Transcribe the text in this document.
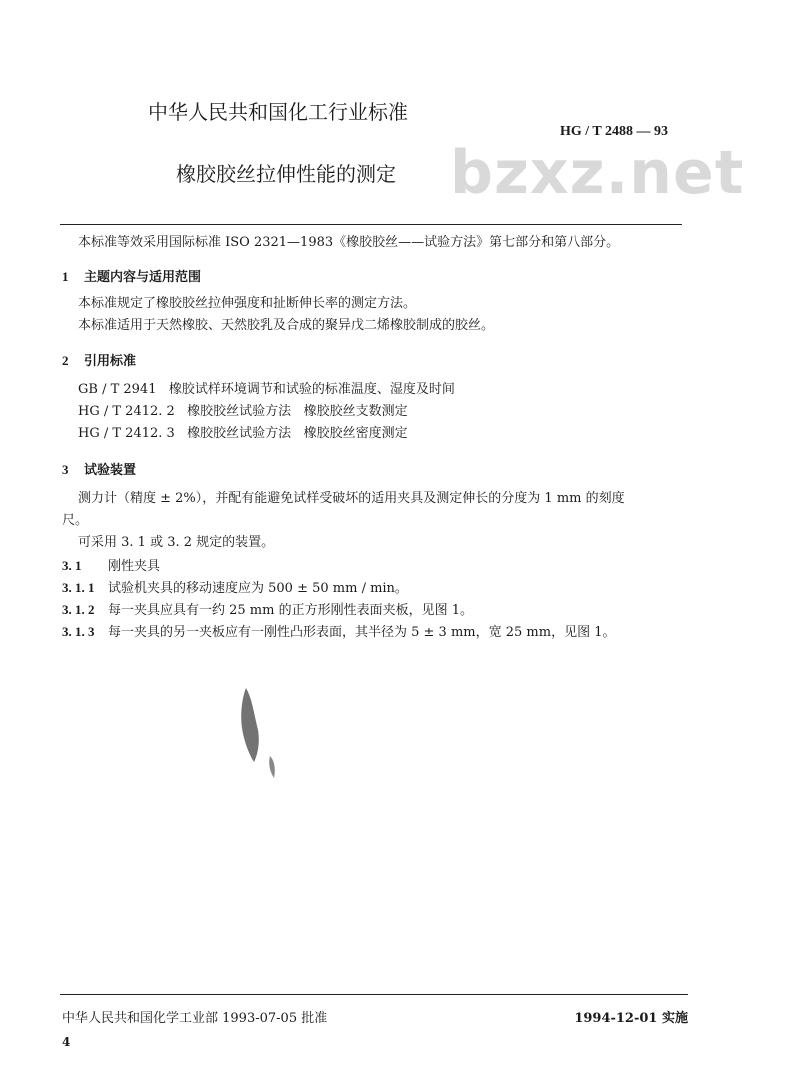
中华人民共和国化工行业标准
HG / T 2488 — 93
bzxz.net
橡胶胶丝拉伸性能的测定
本标准等效采用国际标准 ISO 2321—1983《橡胶胶丝——试验方法》第七部分和第八部分。
1 主题内容与适用范围
本标准规定了橡胶胶丝拉伸强度和扯断伸长率的测定方法。
本标准适用于天然橡胶、天然胶乳及合成的聚异戊二烯橡胶制成的胶丝。
2 引用标准
GB / T 2941   橡胶试样环境调节和试验的标准温度、湿度及时间
HG / T 2412. 2   橡胶胶丝试验方法   橡胶胶丝支数测定
HG / T 2412. 3   橡胶胶丝试验方法   橡胶胶丝密度测定
3 试验装置
测力计（精度 ± 2%），并配有能避免试样受破坏的适用夹具及测定伸长的分度为 1 mm 的刻度
尺。
可采用 3. 1 或 3. 2 规定的装置。
3. 1 刚性夹具
3. 1. 1 试验机夹具的移动速度应为 500 ± 50 mm / min。
3. 1. 2 每一夹具应具有一约 25 mm 的正方形刚性表面夹板，见图 1。
3. 1. 3 每一夹具的另一夹板应有一刚性凸形表面，其半径为 5 ± 3 mm，宽 25 mm，见图 1。
中华人民共和国化学工业部 1993-07-05 批准	1994-12-01 实施
4
